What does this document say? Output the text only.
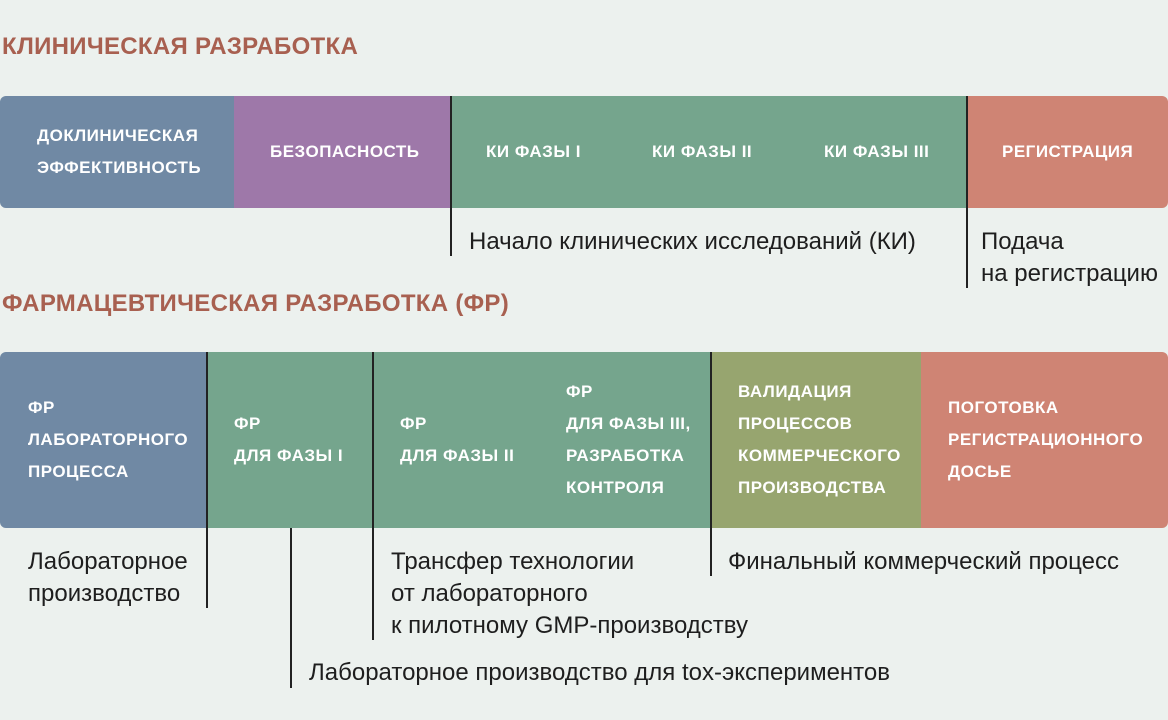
КЛИНИЧЕСКАЯ РАЗРАБОТКА
ДОКЛИНИЧЕСКАЯ
ЭФФЕКТИВНОСТЬ
БЕЗОПАСНОСТЬ	КИ ФАЗЫ I	КИ ФАЗЫ II	КИ ФАЗЫ III	РЕГИСТРАЦИЯ
Начало клинических исследований (КИ)	Подача
на регистрацию
ФАРМАЦЕВТИЧЕСКАЯ РАЗРАБОТКА (ФР)
ФР
ЛАБОРАТОРНОГО
ПРОЦЕССА
ФР
ДЛЯ ФАЗЫ I
ФР
ДЛЯ ФАЗЫ II
ФР
ДЛЯ ФАЗЫ III,
РАЗРАБОТКА
КОНТРОЛЯ
ВАЛИДАЦИЯ
ПРОЦЕССОВ
КОММЕРЧЕСКОГО
ПРОИЗВОДСТВА
ПОГОТОВКА
РЕГИСТРАЦИОННОГО
ДОСЬЕ
Лабораторное
производство
Трансфер технологии
от лабораторного
к пилотному GMP-производству
Финальный коммерческий процесс
Лабораторное производство для tox-экспериментов
